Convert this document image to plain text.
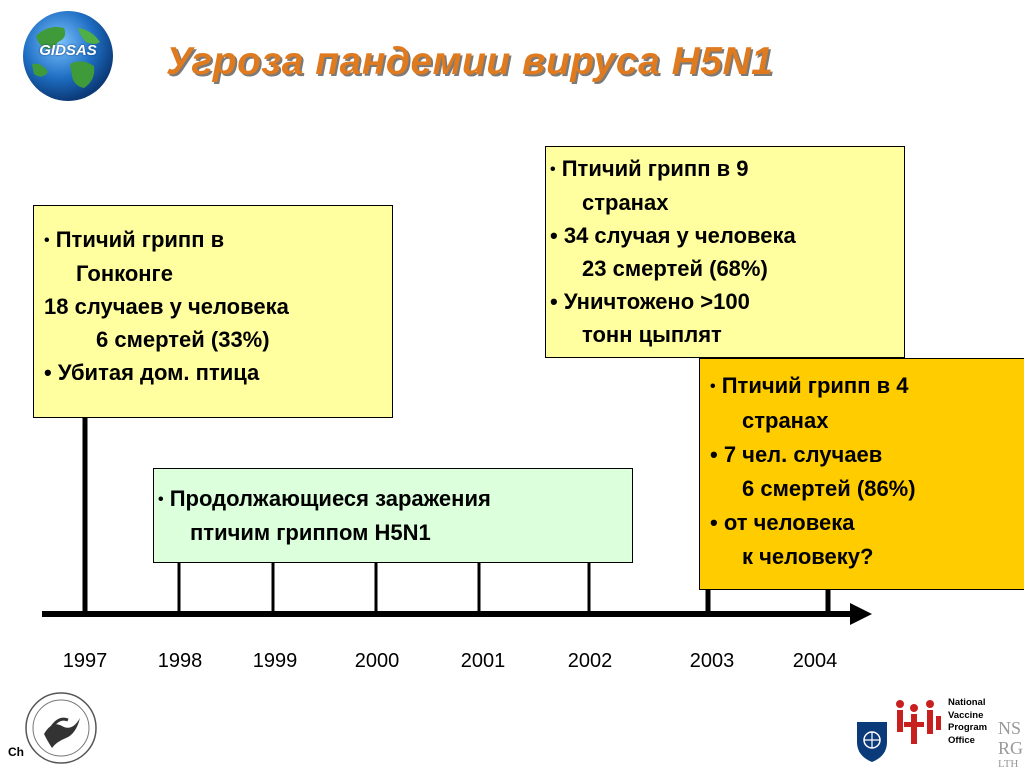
GIDSAS Угроза пандемии вируса H5N1

• Птичий грипп в

Гонконге

18 случаев у человека

6 смертей (33%)

• Убитая дом. птица

• Птичий грипп в 9

странах

• 34 случая у человека

23 смертей (68%)

• Уничтожено >100

тонн цыплят

• Продолжающиеся заражения

птичим гриппом H5N1

• Птичий грипп в 4

странах

• 7 чел. случаев

6 смертей (86%)

• от человека

к человеку?

1997	1998	1999	2000	2001	2002	2003	2004
Ch
National
Vaccine
Program
Office
NS
RG
LTH
